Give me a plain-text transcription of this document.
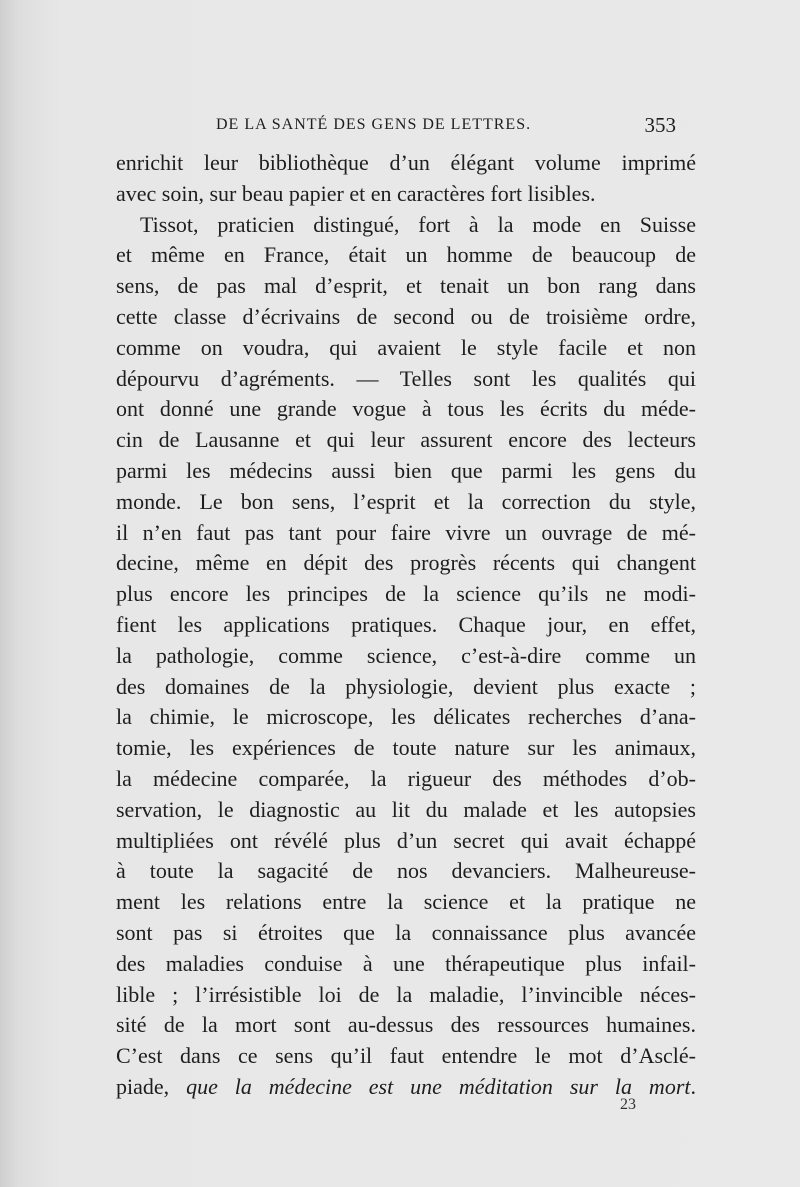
DE LA SANTÉ DES GENS DE LETTRES.	353
enrichit leur bibliothèque d’un élégant volume imprimé
avec soin, sur beau papier et en caractères fort lisibles.
Tissot, praticien distingué, fort à la mode en Suisse
et même en France, était un homme de beaucoup de
sens, de pas mal d’esprit, et tenait un bon rang dans
cette classe d’écrivains de second ou de troisième ordre,
comme on voudra, qui avaient le style facile et non
dépourvu d’agréments. — Telles sont les qualités qui
ont donné une grande vogue à tous les écrits du méde-
cin de Lausanne et qui leur assurent encore des lecteurs
parmi les médecins aussi bien que parmi les gens du
monde. Le bon sens, l’esprit et la correction du style,
il n’en faut pas tant pour faire vivre un ouvrage de mé-
decine, même en dépit des progrès récents qui changent
plus encore les principes de la science qu’ils ne modi-
fient les applications pratiques. Chaque jour, en effet,
la pathologie, comme science, c’est-à-dire comme un
des domaines de la physiologie, devient plus exacte ;
la chimie, le microscope, les délicates recherches d’ana-
tomie, les expériences de toute nature sur les animaux,
la médecine comparée, la rigueur des méthodes d’ob-
servation, le diagnostic au lit du malade et les autopsies
multipliées ont révélé plus d’un secret qui avait échappé
à toute la sagacité de nos devanciers. Malheureuse-
ment les relations entre la science et la pratique ne
sont pas si étroites que la connaissance plus avancée
des maladies conduise à une thérapeutique plus infail-
lible ; l’irrésistible loi de la maladie, l’invincible néces-
sité de la mort sont au-dessus des ressources humaines.
C’est dans ce sens qu’il faut entendre le mot d’Asclé-
piade, que la médecine est une méditation sur la mort.
23
